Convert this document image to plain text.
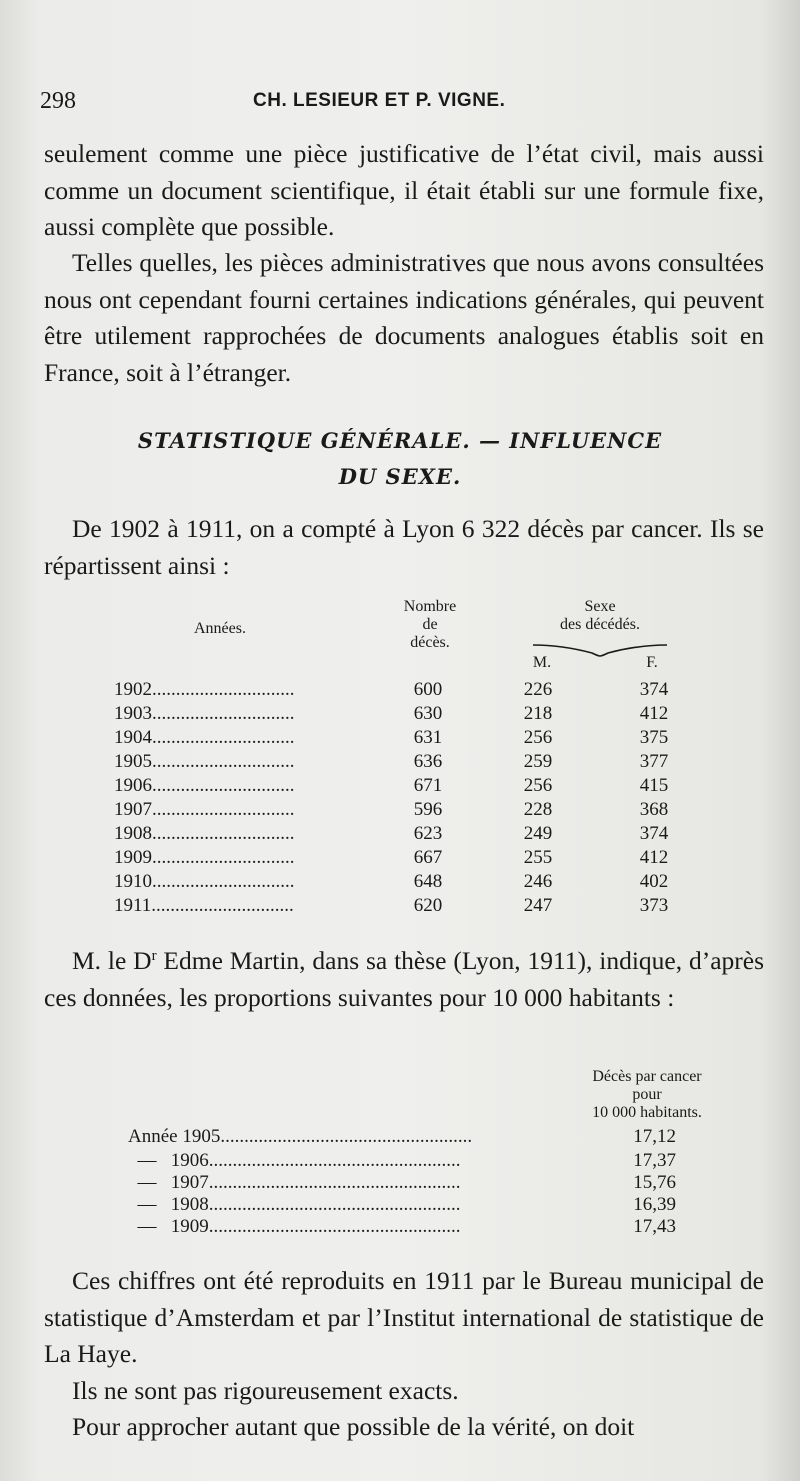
298	CH. LESIEUR ET P. VIGNE.

seulement comme une pièce justificative de l’état civil, mais aussi comme un document scientifique, il était établi sur une formule fixe, aussi complète que possible.

Telles quelles, les pièces administratives que nous avons consultées nous ont cependant fourni certaines indications générales, qui peuvent être utilement rapprochées de documents analogues établis soit en France, soit à l’étranger.

STATISTIQUE GÉNÉRALE. — INFLUENCE
DU SEXE.

De 1902 à 1911, on a compté à Lyon 6 322 décès par cancer. Ils se répartissent ainsi :

Années.
Nombre
de
décès.
Sexe
des décédés.
M.	F.
1902..............................	600	226	374
1903..............................	630	218	412
1904..............................	631	256	375
1905..............................	636	259	377
1906..............................	671	256	415
1907..............................	596	228	368
1908..............................	623	249	374
1909..............................	667	255	412
1910..............................	648	246	402
1911..............................	620	247	373

M. le $D^r$ Edme Martin, dans sa thèse (Lyon, 1911), indique, d’après ces données, les proportions suivantes pour 10 000 habitants :

Décès par cancer
pour
10 000 habitants.
Année 1905.....................................................	17,12
—   1906.....................................................	17,37
—   1907.....................................................	15,76
—   1908.....................................................	16,39
—   1909.....................................................	17,43

Ces chiffres ont été reproduits en 1911 par le Bureau municipal de statistique d’Amsterdam et par l’Institut international de statistique de La Haye.

Ils ne sont pas rigoureusement exacts.

Pour approcher autant que possible de la vérité, on doit
